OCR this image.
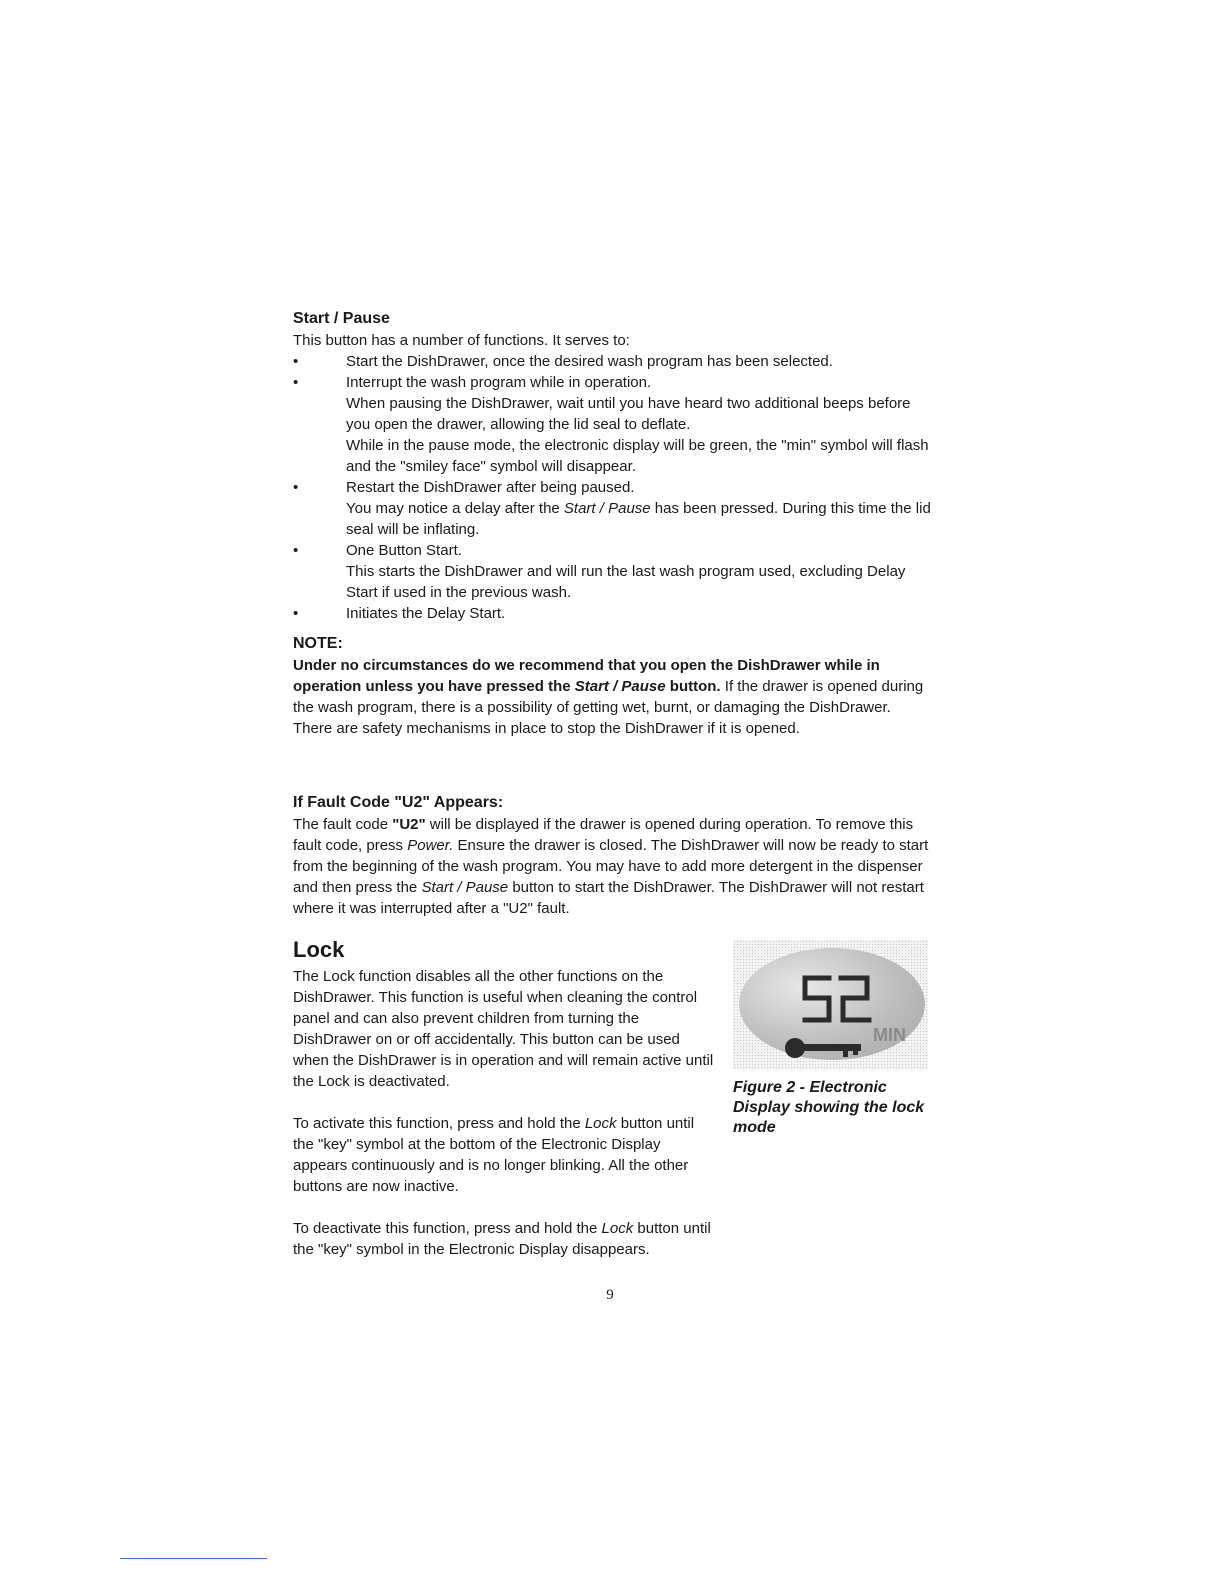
Start / Pause
This button has a number of functions. It serves to:
• Start the DishDrawer, once the desired wash program has been selected.
• Interrupt the wash program while in operation.
When pausing the DishDrawer, wait until you have heard two additional beeps before you open the drawer, allowing the lid seal to deflate.
While in the pause mode, the electronic display will be green, the "min" symbol will flash and the "smiley face" symbol will disappear.
• Restart the DishDrawer after being paused.
You may notice a delay after the Start / Pause has been pressed. During this time the lid seal will be inflating.
• One Button Start.
This starts the DishDrawer and will run the last wash program used, excluding Delay Start if used in the previous wash.
• Initiates the Delay Start.
NOTE:
Under no circumstances do we recommend that you open the DishDrawer while in operation unless you have pressed the Start / Pause button. If the drawer is opened during the wash program, there is a possibility of getting wet, burnt, or damaging the DishDrawer. There are safety mechanisms in place to stop the DishDrawer if it is opened.
If Fault Code "U2" Appears:
The fault code "U2" will be displayed if the drawer is opened during operation. To remove this fault code, press Power. Ensure the drawer is closed. The DishDrawer will now be ready to start from the beginning of the wash program. You may have to add more detergent in the dispenser and then press the Start / Pause button to start the DishDrawer. The DishDrawer will not restart where it was interrupted after a "U2" fault.
Lock
The Lock function disables all the other functions on the DishDrawer. This function is useful when cleaning the control panel and can also prevent children from turning the DishDrawer on or off accidentally. This button can be used when the DishDrawer is in operation and will remain active until the Lock is deactivated.
To activate this function, press and hold the Lock button until the "key" symbol at the bottom of the Electronic Display appears continuously and is no longer blinking. All the other buttons are now inactive.
To deactivate this function, press and hold the Lock button until the "key" symbol in the Electronic Display disappears.
MIN
Figure 2 - Electronic Display showing the lock mode
9
